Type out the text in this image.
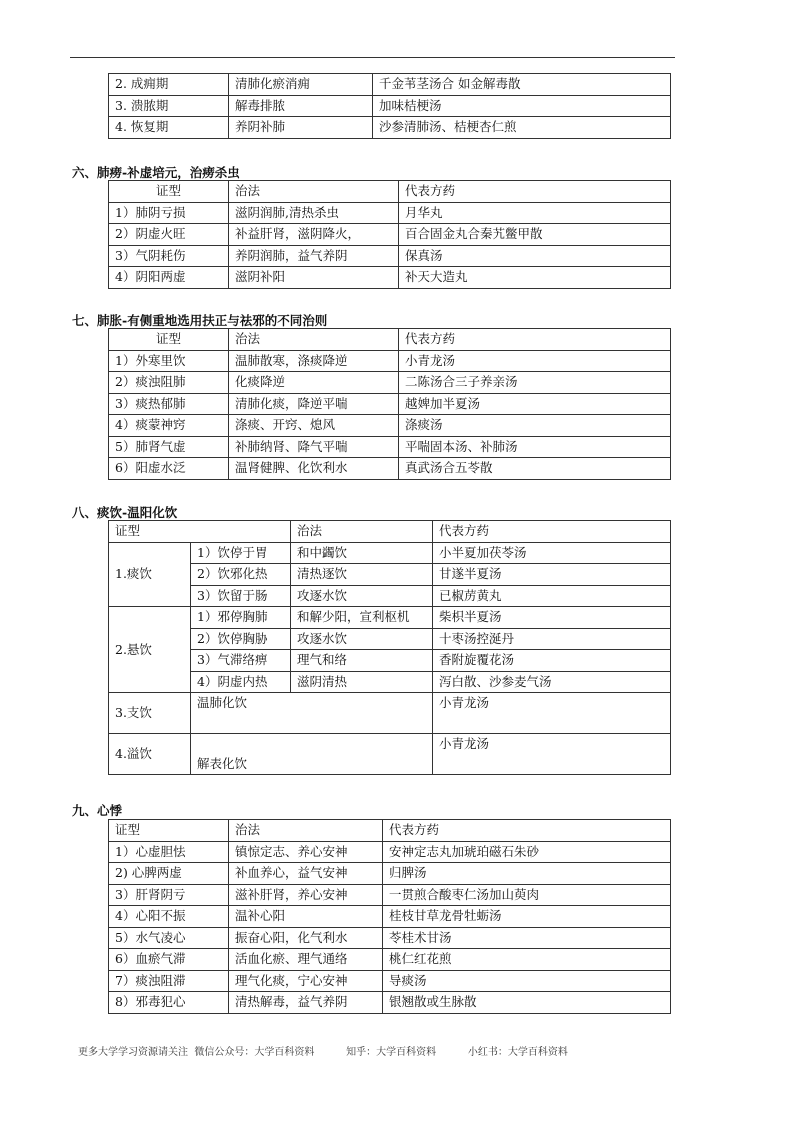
2. 成痈期	清肺化瘀消痈	千金苇茎汤合 如金解毒散
3. 溃脓期	解毒排脓	加味桔梗汤
4. 恢复期	养阴补肺	沙参清肺汤、桔梗杏仁煎
六、肺痨-补虚培元，治痨杀虫
证型	治法	代表方药
1）肺阴亏损	滋阴润肺,清热杀虫	月华丸
2）阴虚火旺	补益肝肾，滋阴降火，	百合固金丸合秦艽鳖甲散
3）气阴耗伤	养阴润肺，益气养阴	保真汤
4）阴阳两虚	滋阴补阳	补天大造丸
七、肺胀-有侧重地选用扶正与祛邪的不同治则
证型	治法	代表方药
1）外寒里饮	温肺散寒，涤痰降逆	小青龙汤
2）痰浊阻肺	化痰降逆	二陈汤合三子养亲汤
3）痰热郁肺	清肺化痰，降逆平喘	越婢加半夏汤
4）痰蒙神窍	涤痰、开窍、熄风	涤痰汤
5）肺肾气虚	补肺纳肾、降气平喘	平喘固本汤、补肺汤
6）阳虚水泛	温肾健脾、化饮利水	真武汤合五苓散
八、痰饮-温阳化饮
证型		治法	代表方药
1.痰饮	1）饮停于胃	和中蠲饮	小半夏加茯苓汤
	2）饮邪化热	清热逐饮	甘遂半夏汤
	3）饮留于肠	攻逐水饮	已椒苈黄丸
2.悬饮	1）邪停胸肺	和解少阳，宣利枢机	柴枳半夏汤
	2）饮停胸胁	攻逐水饮	十枣汤控涎丹
	3）气滞络痹	理气和络	香附旋覆花汤
	4）阴虚内热	滋阴清热	泻白散、沙参麦气汤
3.支饮	温肺化饮		小青龙汤
4.溢饮	解表化饮		小青龙汤
九、心悸
证型	治法	代表方药
1）心虚胆怯	镇惊定志、养心安神	安神定志丸加琥珀磁石朱砂
2) 心脾两虚	补血养心，益气安神	归脾汤
3）肝肾阴亏	滋补肝肾，养心安神	一贯煎合酸枣仁汤加山萸肉
4）心阳不振	温补心阳	桂枝甘草龙骨牡蛎汤
5）水气凌心	振奋心阳，化气利水	苓桂术甘汤
6）血瘀气滞	活血化瘀、理气通络	桃仁红花煎
7）痰浊阻滞	理气化痰，宁心安神	导痰汤
8）邪毒犯心	清热解毒，益气养阴	银翘散或生脉散
更多大学学习资源请关注  微信公众号：大学百科资料          知乎：大学百科资料          小红书：大学百科资料
